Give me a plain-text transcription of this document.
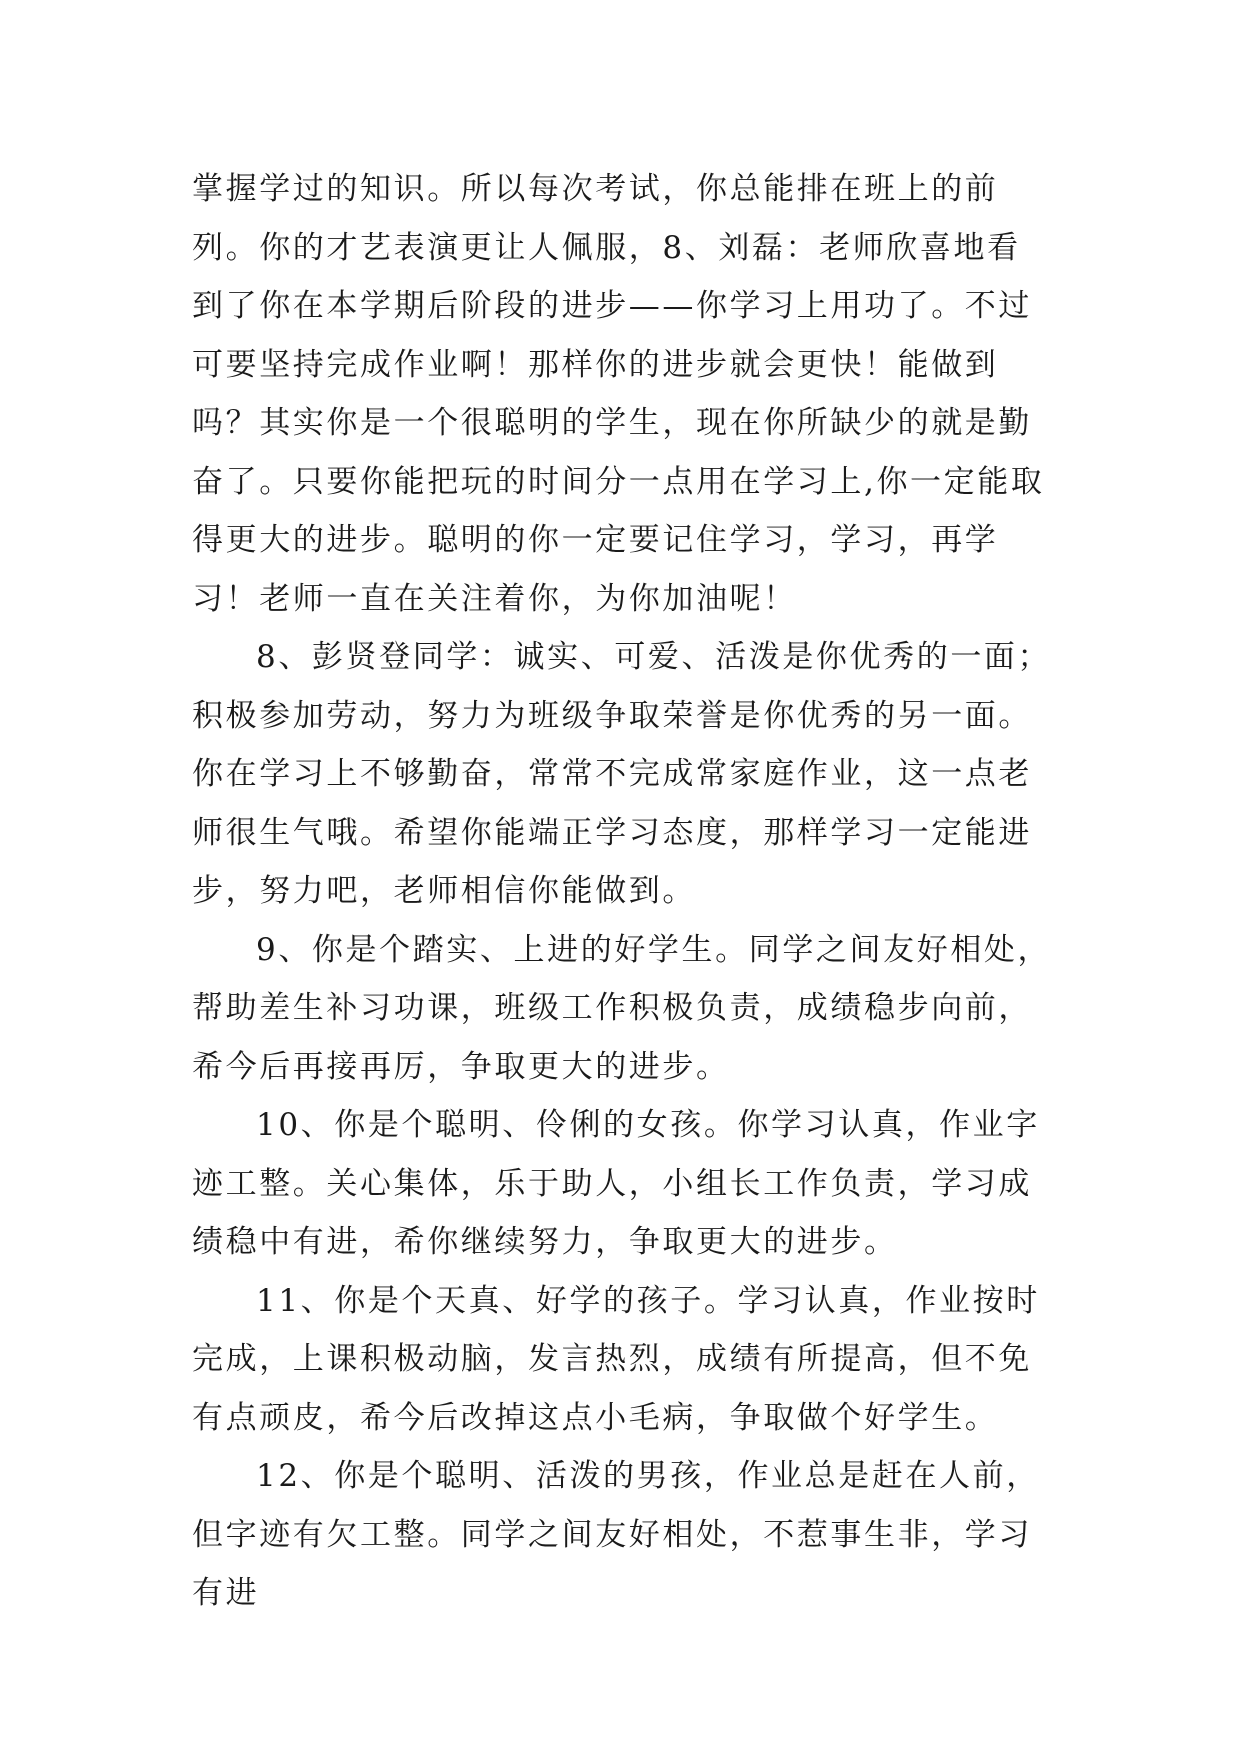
掌握学过的知识。所以每次考试，你总能排在班上的前列。你的才艺表演更让人佩服，8、刘磊：老师欣喜地看到了你在本学期后阶段的进步——你学习上用功了。不过可要坚持完成作业啊！那样你的进步就会更快！能做到吗？其实你是一个很聪明的学生，现在你所缺少的就是勤奋了。只要你能把玩的时间分一点用在学习上,你一定能取得更大的进步。聪明的你一定要记住学习，学习，再学习！老师一直在关注着你，为你加油呢！

8、彭贤登同学：诚实、可爱、活泼是你优秀的一面；积极参加劳动，努力为班级争取荣誉是你优秀的另一面。你在学习上不够勤奋，常常不完成常家庭作业，这一点老师很生气哦。希望你能端正学习态度，那样学习一定能进步，努力吧，老师相信你能做到。

9、你是个踏实、上进的好学生。同学之间友好相处，帮助差生补习功课，班级工作积极负责，成绩稳步向前，希今后再接再厉，争取更大的进步。

10、你是个聪明、伶俐的女孩。你学习认真，作业字迹工整。关心集体，乐于助人，小组长工作负责，学习成绩稳中有进，希你继续努力，争取更大的进步。

11、你是个天真、好学的孩子。学习认真，作业按时完成，上课积极动脑，发言热烈，成绩有所提高，但不免有点顽皮，希今后改掉这点小毛病，争取做个好学生。

12、你是个聪明、活泼的男孩，作业总是赶在人前，但字迹有欠工整。同学之间友好相处，不惹事生非，学习有进
